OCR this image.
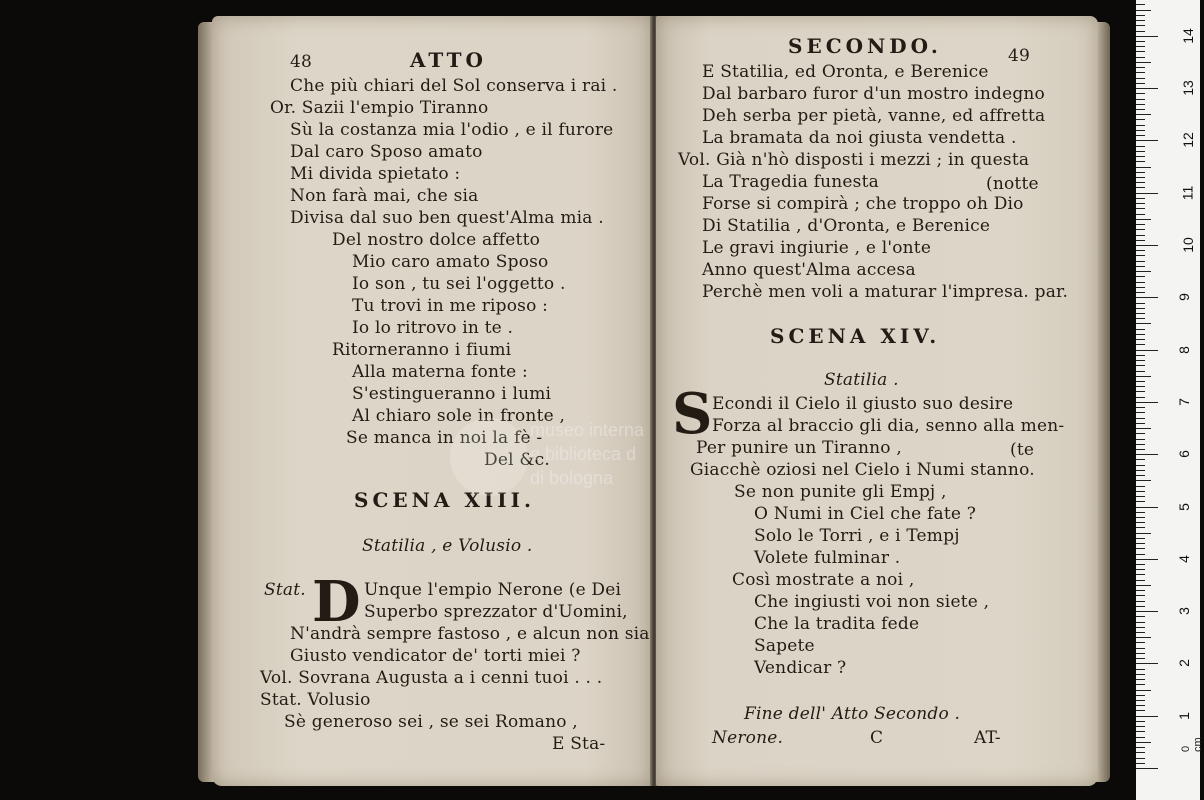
48	ATTO
Che più chiari del Sol conserva i rai .
Or. Sazii l'empio Tiranno
Sù la costanza mia l'odio , e il furore
Dal caro Sposo amato
Mi divida spietato :
Non farà mai, che sia
Divisa dal suo ben quest'Alma mia .
Del nostro dolce affetto
Mio caro amato Sposo
Io son , tu sei l'oggetto .
Tu trovi in me riposo :
Io lo ritrovo in te .
Ritorneranno i fiumi
Alla materna fonte :
S'estingueranno i lumi
Al chiaro sole in fronte ,
Se manca in noi la fè -
Del &c.
SCENA XIII.
Statilia , e Volusio .
Stat. D Unque l'empio Nerone (e Dei
Superbo sprezzator d'Uomini,
N'andrà sempre fastoso , e alcun non sia
Giusto vendicator de' torti miei ?
Vol. Sovrana Augusta a i cenni tuoi . . .
Stat. Volusio
Sè generoso sei , se sei Romano ,
E Sta-
SECONDO.	49
E Statilia, ed Oronta, e Berenice
Dal barbaro furor d'un mostro indegno
Deh serba per pietà, vanne, ed affretta
La bramata da noi giusta vendetta .
Vol. Già n'hò disposti i mezzi ; in questa
La Tragedia funesta	(notte
Forse si compirà ; che troppo oh Dio
Di Statilia , d'Oronta, e Berenice
Le gravi ingiurie , e l'onte
Anno quest'Alma accesa
Perchè men voli a maturar l'impresa. par.
SCENA XIV.
Statilia .
S Econdi il Cielo il giusto suo desire
Forza al braccio gli dia, senno alla men-
Per punire un Tiranno ,	(te
Giacchè oziosi nel Cielo i Numi stanno.
Se non punite gli Empj ,
O Numi in Ciel che fate ?
Solo le Torri , e i Tempj
Volete fulminar .
Così mostrate a noi ,
Che ingiusti voi non siete ,
Che la tradita fede
Sapete
Vendicar ?
Fine dell' Atto Secondo .
Nerone.	C	AT-
museo interna
e biblioteca d
di bologna
0 cm
1
2
3
4
5
6
7
8
9
10
11
12
13
14
